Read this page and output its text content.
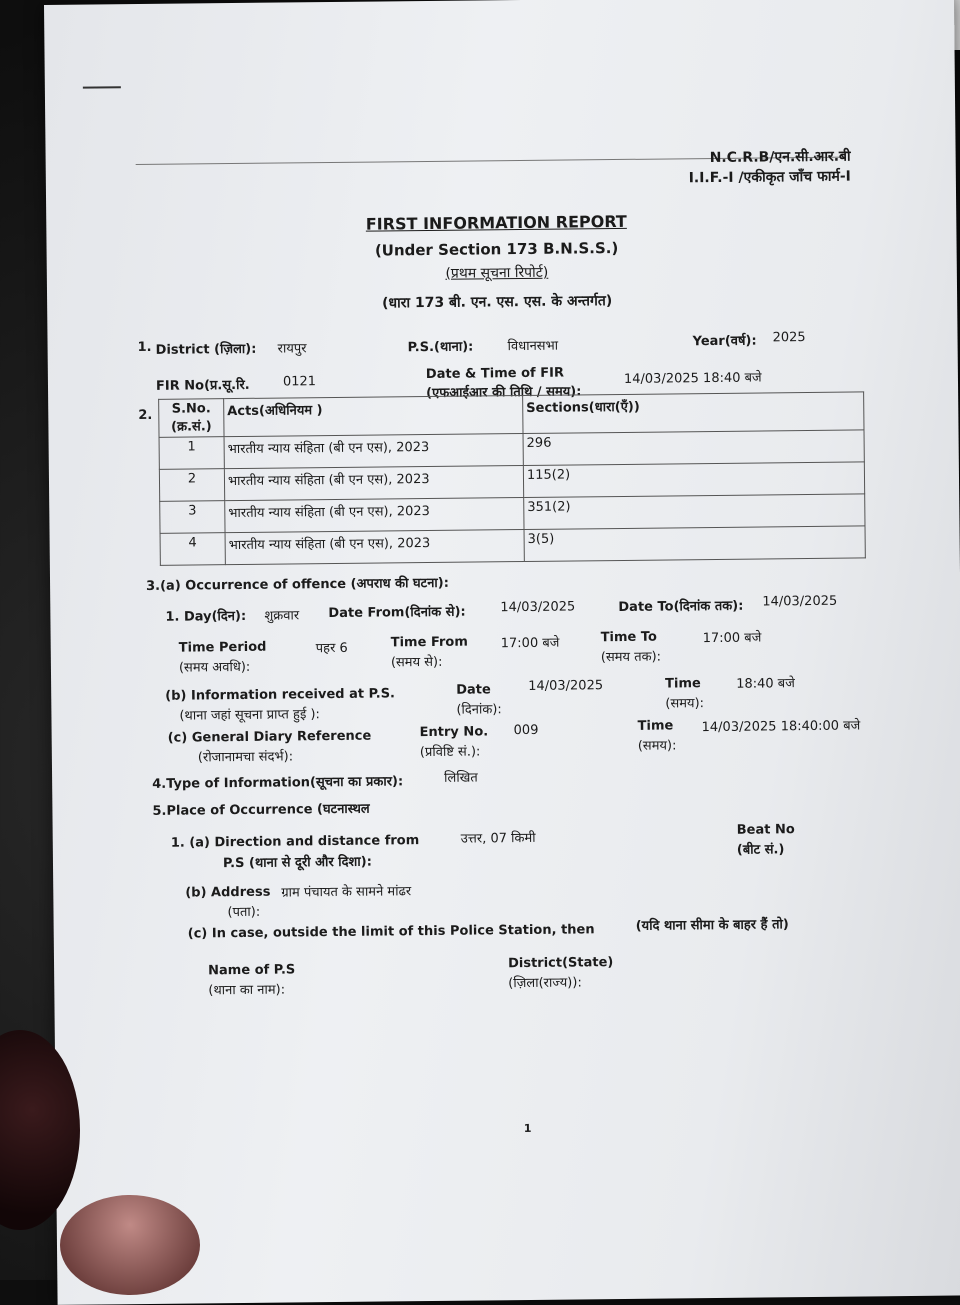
N.C.R.B/एन.सी.आर.बी
I.I.F.-I /एकीकृत जाँच फार्म-I
FIRST INFORMATION REPORT
(Under Section 173 B.N.S.S.)
(प्रथम सूचना रिपोर्ट)
(धारा 173 बी. एन. एस. एस. के अन्तर्गत)
1. District (ज़िला): रायपुर	P.S.(थाना):	विधानसभा	Year(वर्ष): 2025
FIR No(प्र.सू.रि.	0121	Date & Time of FIR
(एफआईआर की तिथि / समय):
14/03/2025 18:40 बजे
2. S.No.
(क्र.सं.)	Acts(अधिनियम )	Sections(धारा(एँ))
1	भारतीय न्याय संहिता (बी एन एस), 2023	296
2	भारतीय न्याय संहिता (बी एन एस), 2023	115(2)
3	भारतीय न्याय संहिता (बी एन एस), 2023	351(2)
4	भारतीय न्याय संहिता (बी एन एस), 2023	3(5)
3.(a) Occurrence of offence (अपराध की घटना):
1. Day(दिन): शुक्रवार Date From(दिनांक से):	14/03/2025	Date To(दिनांक तक): 14/03/2025
Time Period
(समय अवधि):
पहर 6	Time From
(समय से):
17:00 बजे	Time To
(समय तक):
17:00 बजे
(b) Information received at P.S.
(थाना जहां सूचना प्राप्त हुई ):
Date
(दिनांक):
14/03/2025	Time
(समय):
18:40 बजे
(c) General Diary Reference
(रोजानामचा संदर्भ):
Entry No.
(प्रविष्टि सं.):
009	Time
(समय):
14/03/2025 18:40:00 बजे
4.Type of Information(सूचना का प्रकार):	लिखित
5.Place of Occurrence (घटनास्थल
1. (a) Direction and distance from
P.S (थाना से दूरी और दिशा):
उत्तर, 07 किमी
Beat No
(बीट सं.)
(b) Address ग्राम पंचायत के सामने मांढर
(पता):
(c) In case, outside the limit of this Police Station, then	(यदि थाना सीमा के बाहर हैं तो)
Name of P.S
(थाना का नाम):
District(State)
(ज़िला(राज्य)):
1
